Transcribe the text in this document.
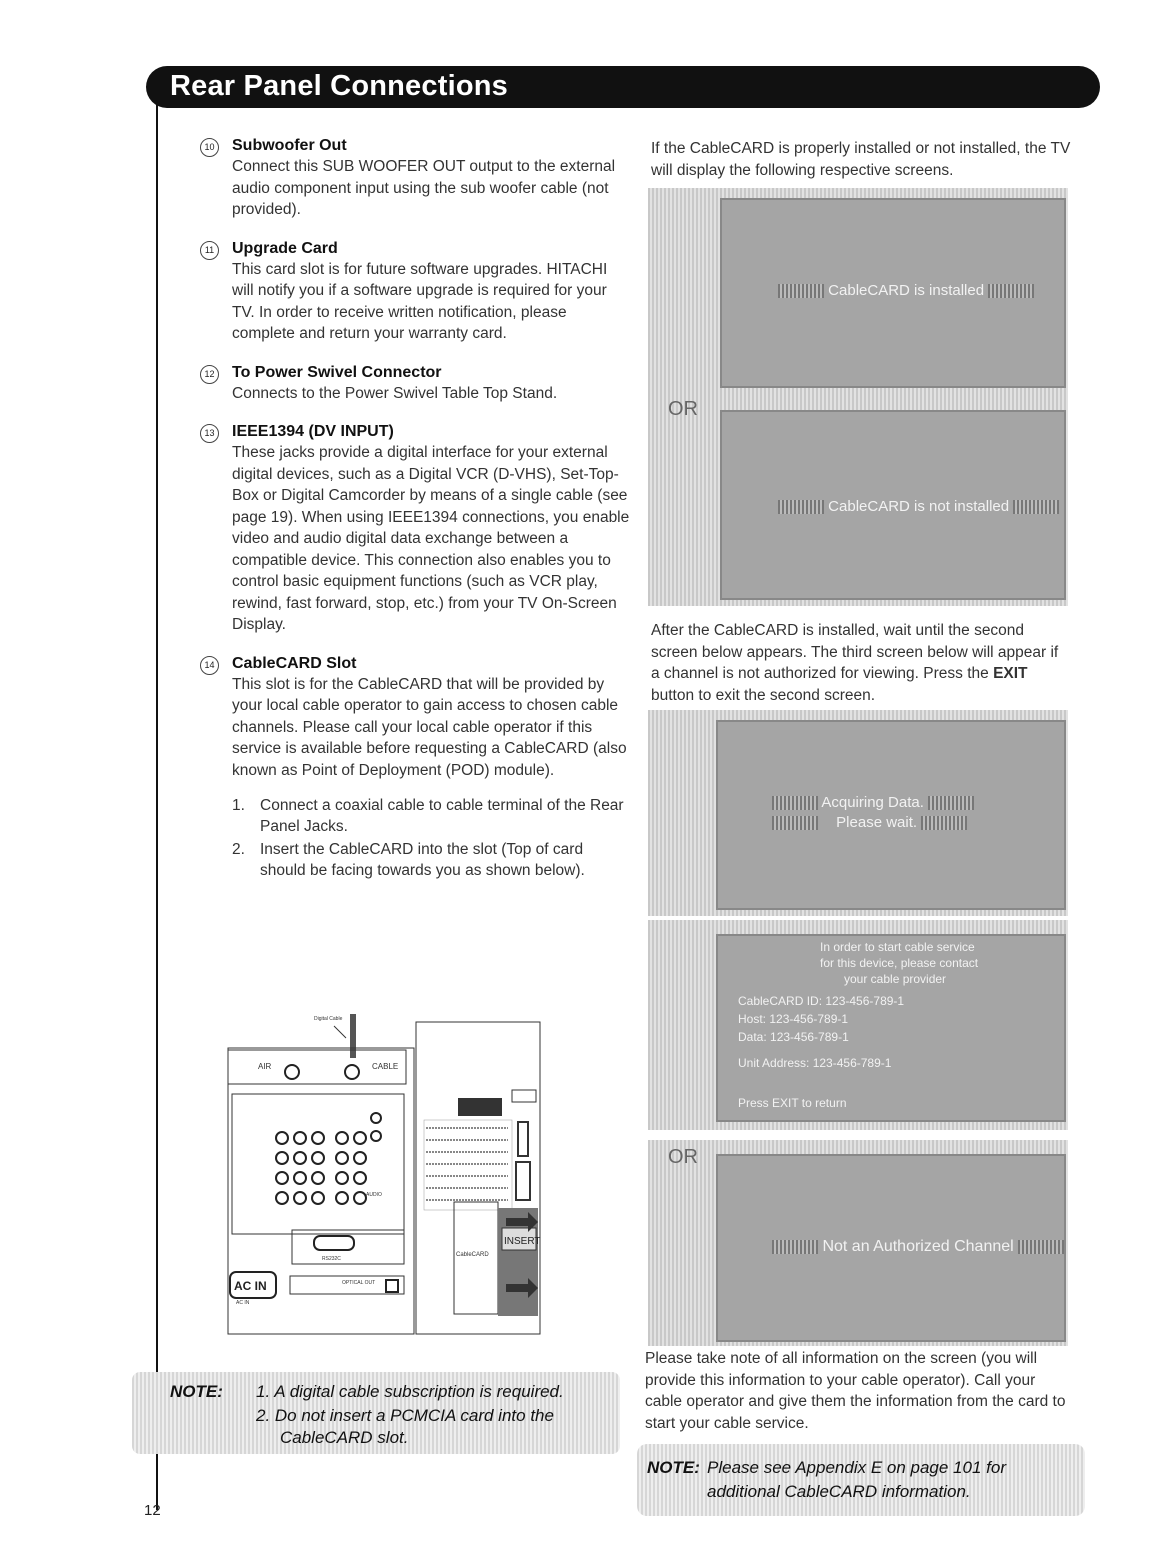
Rear Panel Connections
12
10 Subwoofer Out

Connect this SUB WOOFER OUT output to the external audio component input using the sub woofer cable (not provided).

11	Upgrade Card

This card slot is for future software upgrades. HITACHI will notify you if a software upgrade is required for your TV. In order to receive written notification, please complete and return your warranty card.

12 To Power Swivel Connector

Connects to the Power Swivel Table Top Stand.

13 IEEE1394 (DV INPUT)

These jacks provide a digital interface for your external digital devices, such as a Digital VCR (D-VHS), Set-Top-Box or Digital Camcorder by means of a single cable (see page 19). When using IEEE1394 connections, you enable video and audio digital data exchange between a compatible device. This connection also enables you to control basic equipment functions (such as VCR play, rewind, fast forward, stop, etc.) from your TV On-Screen Display.

14 CableCARD Slot

This slot is for the CableCARD that will be provided by your local cable operator to gain access to chosen cable channels. Please call your local cable operator if this service is available before requesting a CableCARD (also known as Point of Deployment (POD) module).

1. Connect a coaxial cable to cable terminal of the Rear Panel Jacks.
2. Insert the CableCARD into the slot (Top of card should be facing towards you as shown below).
Digital Cable
AIR	CABLE
CableCARD
INSERT
AUDIO
RS232C
AC IN
AC IN
OPTICAL OUT
NOTE: 1. A digital cable subscription is required.
2. Do not insert a PCMCIA card into the
CableCARD slot.
If the CableCARD is properly installed or not installed, the TV will display the following respective screens.
CableCARD is installed
OR
CableCARD is not installed
After the CableCARD is installed, wait until the second screen below appears. The third screen below will appear if a channel is not authorized for viewing. Press the EXIT button to exit the second screen.
Acquiring Data.
Please wait.
In order to start cable service
for this device, please contact
your cable provider
CableCARD ID: 123-456-789-1
Host: 123-456-789-1
Data: 123-456-789-1
Unit Address: 123-456-789-1
Press EXIT to return
OR
Not an Authorized Channel
Please take note of all information on the screen (you will provide this information to your cable operator). Call your cable operator and give them the information from the card to start your cable service.
NOTE: Please see Appendix E on page 101 for
additional CableCARD information.
